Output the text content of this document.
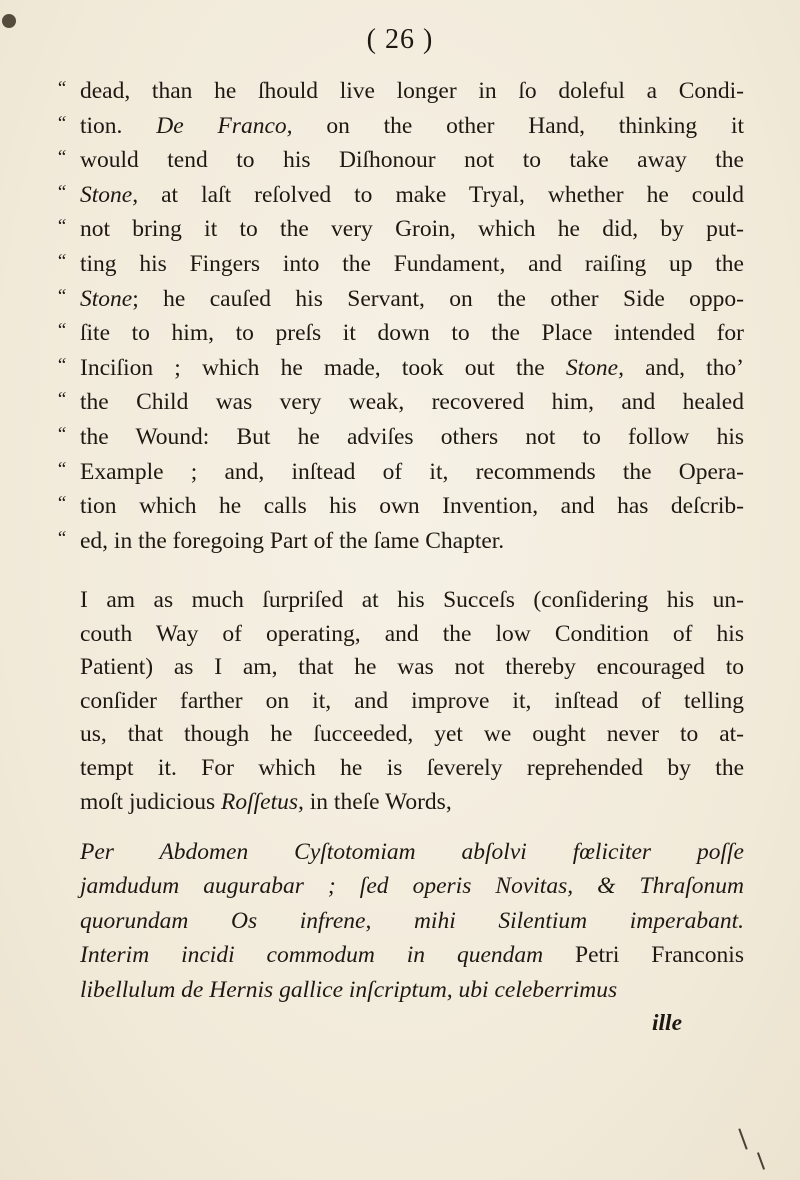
( 26 )
“ dead, than he ſhould live longer in ſo doleful a Condi-
“ tion. De Franco, on the other Hand, thinking it
“ would tend to his Diſhonour not to take away the
“ Stone, at laſt reſolved to make Tryal, whether he could
“ not bring it to the very Groin, which he did, by put-
“ ting his Fingers into the Fundament, and raiſing up the
“ Stone; he cauſed his Servant, on the other Side oppo-
“ ſite to him, to preſs it down to the Place intended for
“ Inciſion ; which he made, took out the Stone, and, tho’
“ the Child was very weak, recovered him, and healed
“ the Wound: But he adviſes others not to follow his
“ Example ; and, inſtead of it, recommends the Opera-
“ tion which he calls his own Invention, and has deſcrib-
“ ed, in the foregoing Part of the ſame Chapter.
I am as much ſurpriſed at his Succeſs (conſidering his un-
couth Way of operating, and the low Condition of his
Patient) as I am, that he was not thereby encouraged to
conſider farther on it, and improve it, inſtead of telling
us, that though he ſucceeded, yet we ought never to at-
tempt it. For which he is ſeverely reprehended by the
moſt judicious Roſſetus, in theſe Words,
Per Abdomen Cyſtotomiam abſolvi fœliciter poſſe
jamdudum augurabar ; ſed operis Novitas, & Thraſonum
quorundam Os infrene, mihi Silentium imperabant.
Interim incidi commodum in quendam Petri Franconis
libellulum de Hernis gallice inſcriptum, ubi celeberrimus
ille
